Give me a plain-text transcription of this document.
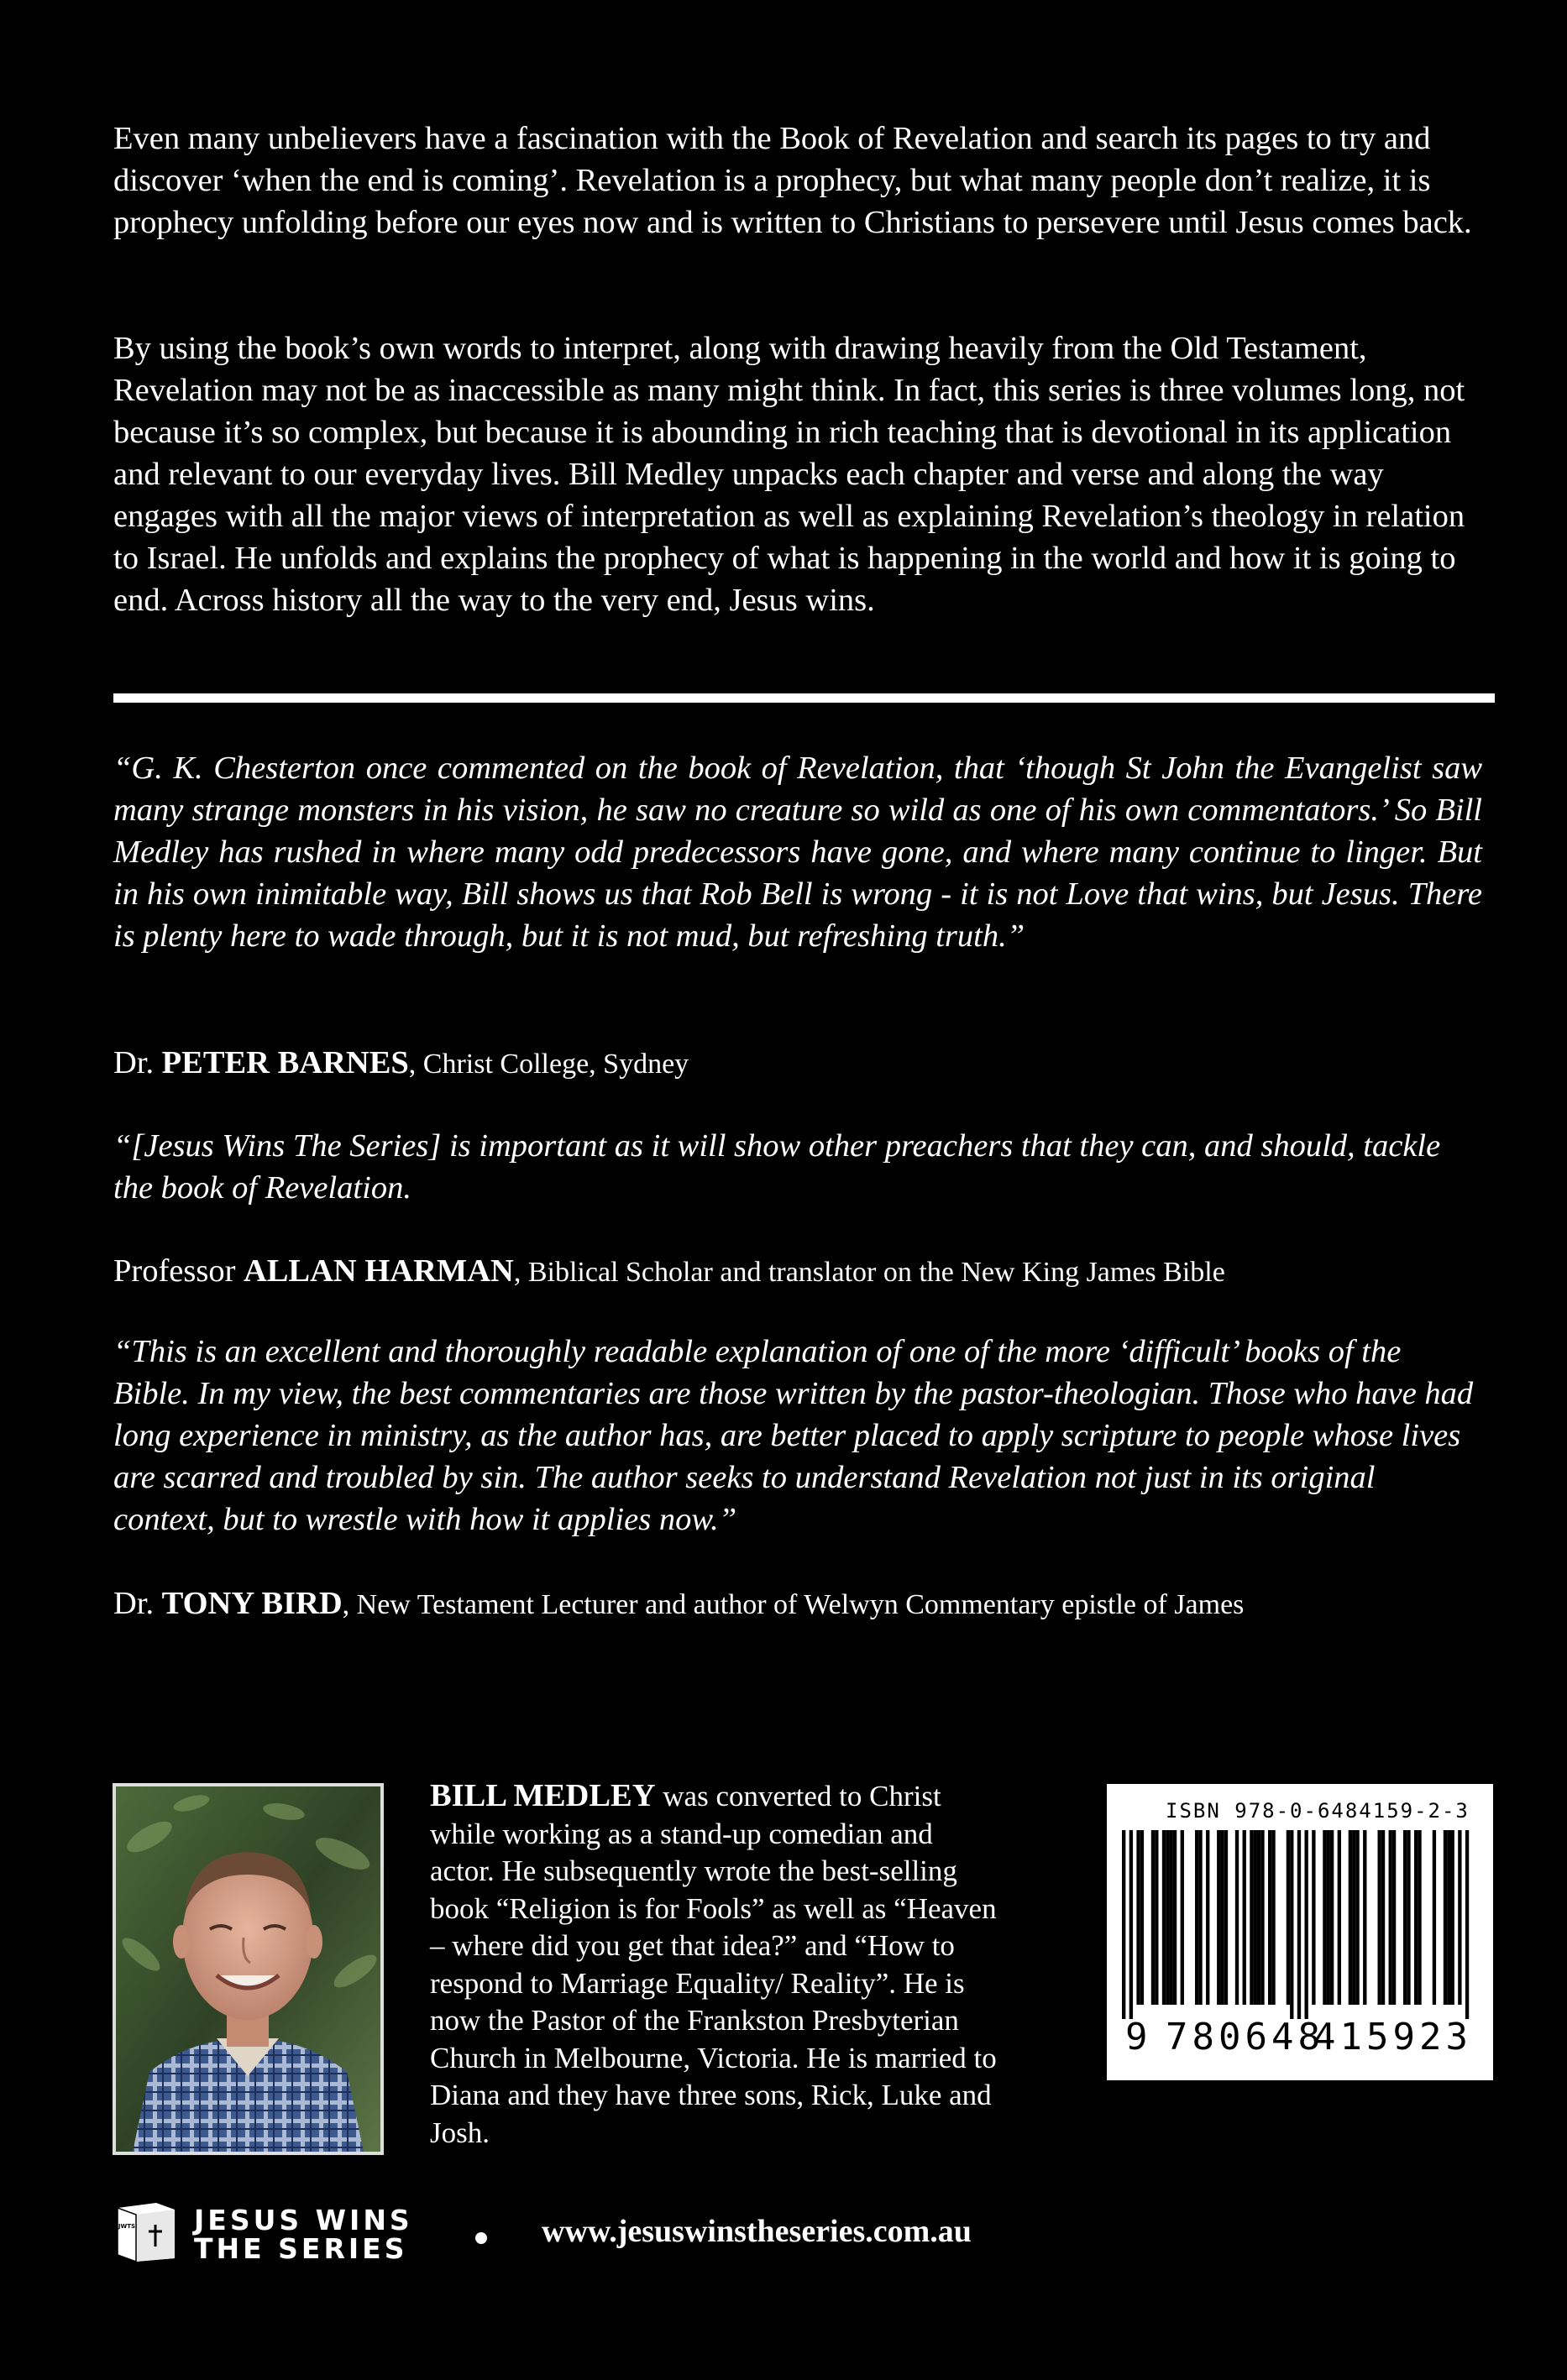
Even many unbelievers have a fascination with the Book of Revelation and search its pages to try and discover ‘when the end is coming’. Revelation is a prophecy, but what many people don’t realize, it is prophecy unfolding before our eyes now and is written to Christians to persevere until Jesus comes back.

By using the book’s own words to interpret, along with drawing heavily from the Old Testament, Revelation may not be as inaccessible as many might think. In fact, this series is three volumes long, not because it’s so complex, but because it is abounding in rich teaching that is devotional in its application and relevant to our everyday lives. Bill Medley unpacks each chapter and verse and along the way engages with all the major views of interpretation as well as explaining Revelation’s theology in relation to Israel. He unfolds and explains the prophecy of what is happening in the world and how it is going to end. Across history all the way to the very end, Jesus wins.

“G. K. Chesterton once commented on the book of Revelation, that ‘though St John the Evangelist saw many strange monsters in his vision, he saw no creature so wild as one of his own commentators.’ So Bill Medley has rushed in where many odd predecessors have gone, and where many continue to linger. But in his own inimitable way, Bill shows us that Rob Bell is wrong - it is not Love that wins, but Jesus. There is plenty here to wade through, but it is not mud, but refreshing truth.”

Dr. PETER BARNES, Christ College, Sydney

“[Jesus Wins The Series] is important as it will show other preachers that they can, and should, tackle the book of Revelation.

Professor ALLAN HARMAN, Biblical Scholar and translator on the New King James Bible

“This is an excellent and thoroughly readable explanation of one of the more ‘difficult’ books of the Bible. In my view, the best commentaries are those written by the pastor-theologian. Those who have had long experience in ministry, as the author has, are better placed to apply scripture to people whose lives are scarred and troubled by sin. The author seeks to understand Revelation not just in its original context, but to wrestle with how it applies now.”

Dr. TONY BIRD, New Testament Lecturer and author of Welwyn Commentary epistle of James

BILL MEDLEY was converted to Christ while working as a stand-up comedian and actor. He subsequently wrote the best-selling book “Religion is for Fools” as well as “Heaven – where did you get that idea?” and “How to respond to Marriage Equality/ Reality”. He is now the Pastor of the Frankston Presbyterian Church in Melbourne, Victoria. He is married to Diana and they have three sons, Rick, Luke and Josh.

ISBN 978-0-6484159-2-3
9 780648
415923
JWTS JESUS WINS
THE SERIES	www.jesuswinstheseries.com.au
